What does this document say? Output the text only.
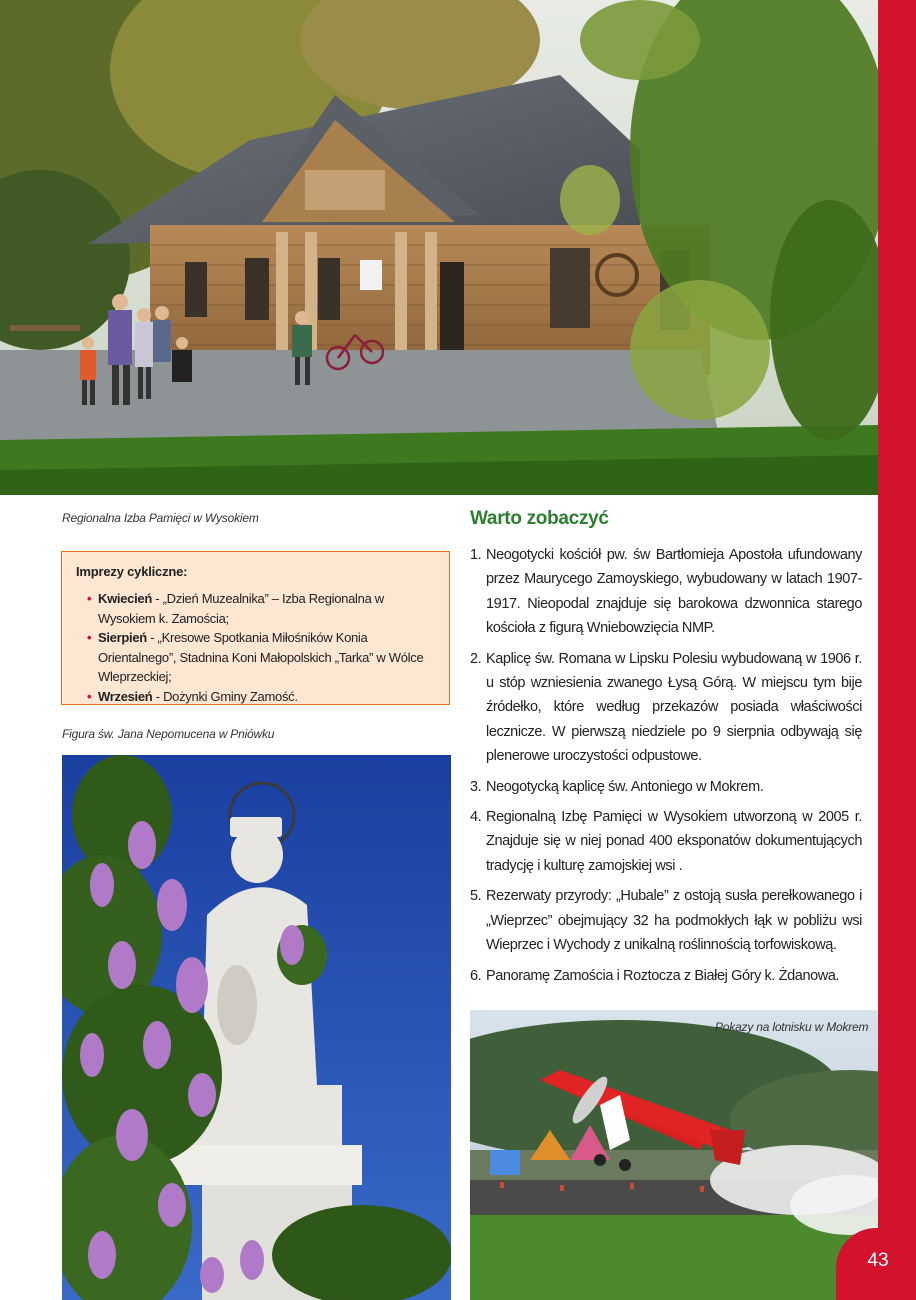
Regionalna Izba Pamięci w Wysokiem
Imprezy cykliczne:
• Kwiecień - „Dzień Muzealnika” – Izba Regionalna w Wysokiem k. Zamościa;
• Sierpień - „Kresowe Spotkania Miłośników Konia Orientalnego”, Stadnina Koni Małopolskich „Tarka” w Wólce Wleprzeckiej;
• Wrzesień - Dożynki Gminy Zamość.
Figura św. Jana Nepomucena w Pniówku
Warto zobaczyć
1. Neogotycki kościół pw. św Bartłomieja Apostoła ufundowany przez Maurycego Zamoyskiego, wybudowany w latach 1907-1917. Nieopodal znajduje się barokowa dzwonnica starego kościoła z figurą Wniebowzięcia NMP.
2. Kaplicę św. Romana w Lipsku Polesiu wybudowaną w 1906 r. u stóp wzniesienia zwanego Łysą Górą. W miejscu tym bije źródełko, które według przekazów posiada właściwości lecznicze. W pierwszą niedziele po 9 sierpnia odbywają się plenerowe uroczystości odpustowe.
3. Neogotycką kaplicę św. Antoniego w Mokrem.
4. Regionalną Izbę Pamięci w Wysokiem utworzoną w 2005 r. Znajduje się w niej ponad 400 eksponatów dokumentujących tradycję i kulturę zamojskiej wsi .
5. Rezerwaty przyrody: „Hubale” z ostoją susła perełkowanego i „Wieprzec” obejmujący 32 ha podmokłych łąk w pobliżu wsi Wieprzec i Wychody z unikalną roślinnością torfowiskową.
6. Panoramę Zamościa i Roztocza z Białej Góry k. Żdanowa.
Pokazy na lotnisku w Mokrem
43
